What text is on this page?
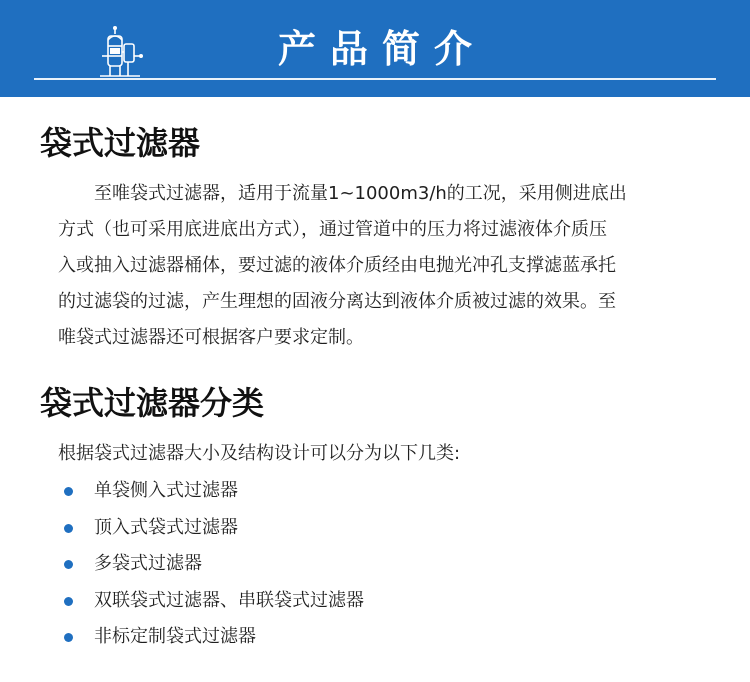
产品简介
袋式过滤器

至唯袋式过滤器，适用于流量1~1000m3/h的工况，采用侧进底出
方式（也可采用底进底出方式），通过管道中的压力将过滤液体介质压
入或抽入过滤器桶体，要过滤的液体介质经由电抛光冲孔支撑滤蓝承托
的过滤袋的过滤，产生理想的固液分离达到液体介质被过滤的效果。至
唯袋式过滤器还可根据客户要求定制。

袋式过滤器分类
根据袋式过滤器大小及结构设计可以分为以下几类:
单袋侧入式过滤器
顶入式袋式过滤器
多袋式过滤器
双联袋式过滤器、串联袋式过滤器
非标定制袋式过滤器
